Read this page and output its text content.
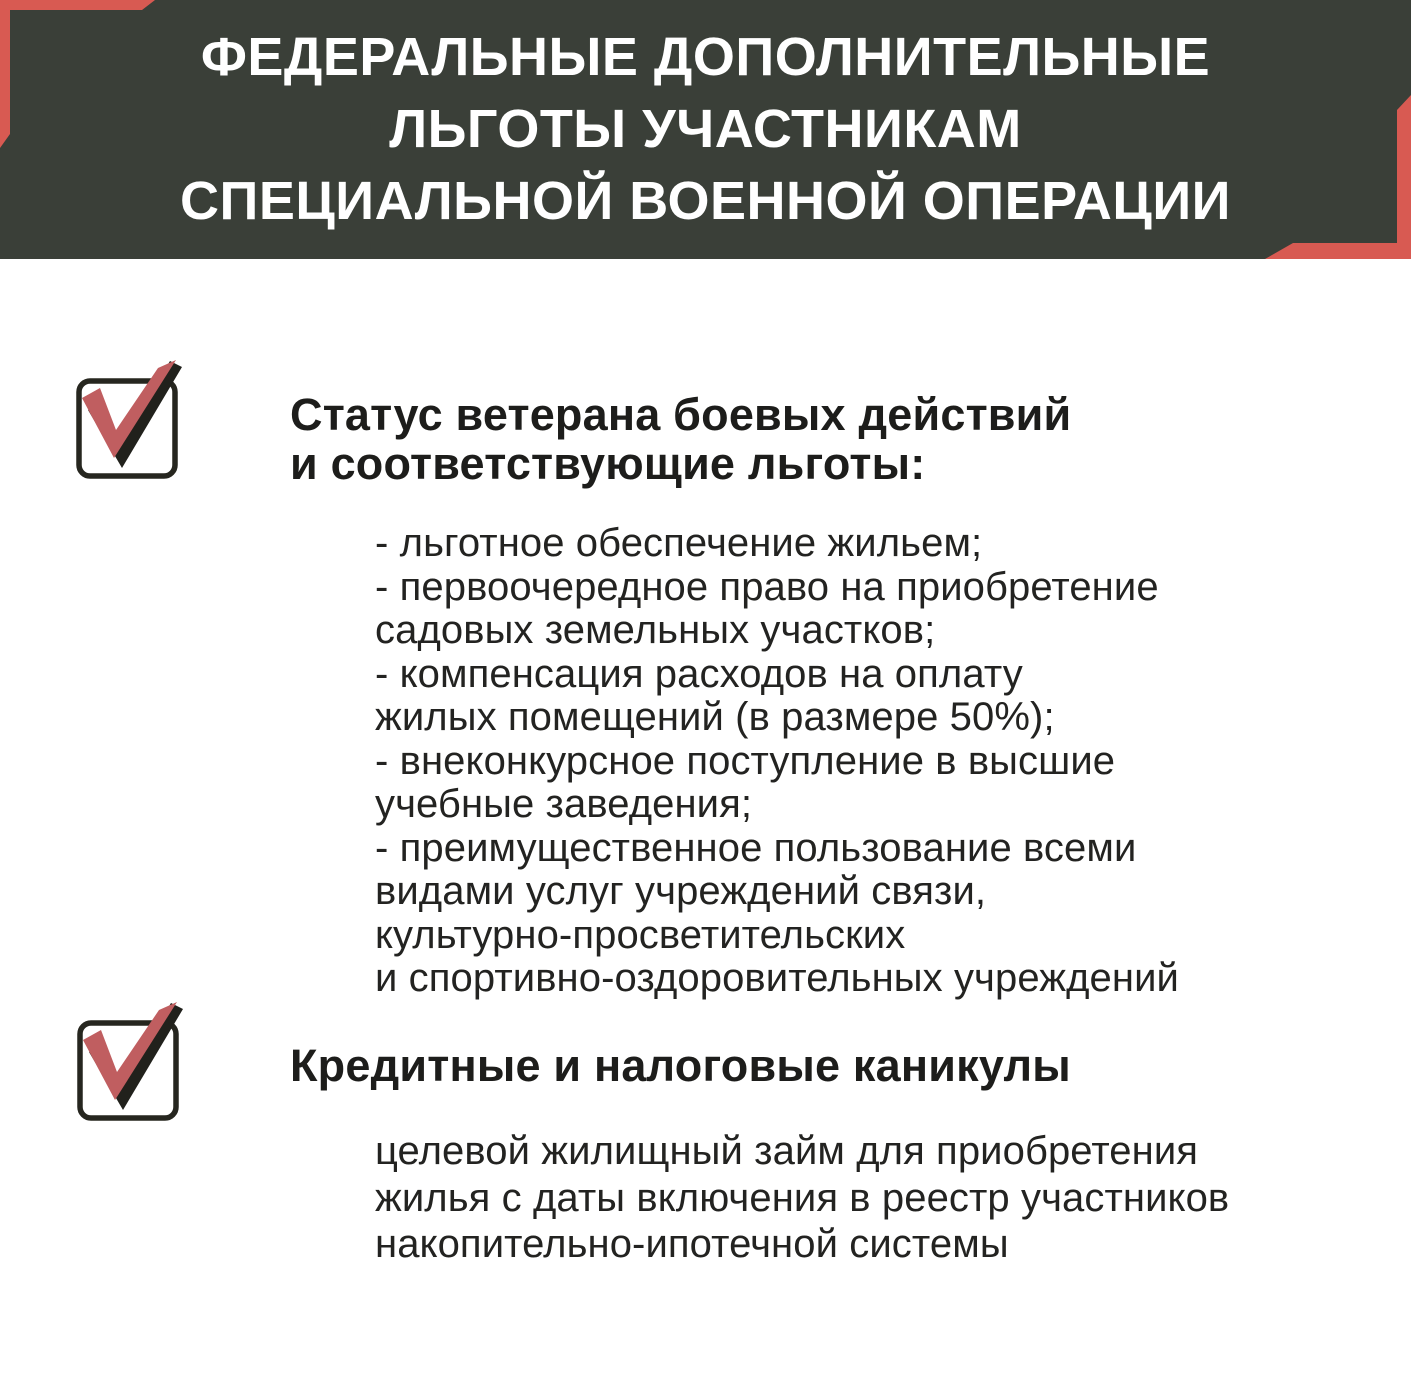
ФЕДЕРАЛЬНЫЕ ДОПОЛНИТЕЛЬНЫЕ
ЛЬГОТЫ УЧАСТНИКАМ
СПЕЦИАЛЬНОЙ ВОЕННОЙ ОПЕРАЦИИ
Статус ветерана боевых действий
и соответствующие льготы:
- льготное обеспечение жильем;
- первоочередное право на приобретение
садовых земельных участков;
- компенсация расходов на оплату
жилых помещений (в размере 50%);
- внеконкурсное поступление в высшие
учебные заведения;
- преимущественное пользование всеми
видами услуг учреждений связи,
культурно-просветительских
и спортивно-оздоровительных учреждений
Кредитные и налоговые каникулы
целевой жилищный займ для приобретения
жилья с даты включения в реестр участников
накопительно-ипотечной системы
